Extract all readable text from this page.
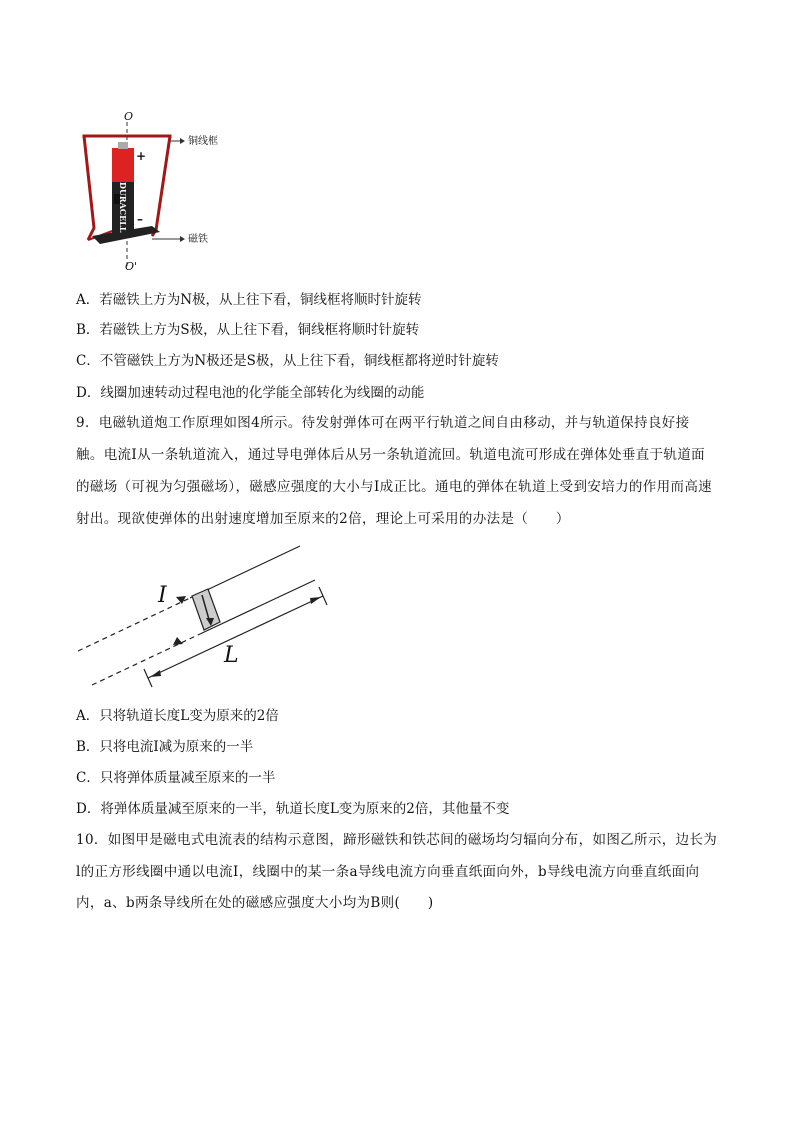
DURACELL
+
–
O
O'
铜线框
磁铁
A．若磁铁上方为N极，从上往下看，铜线框将顺时针旋转
B．若磁铁上方为S极，从上往下看，铜线框将顺时针旋转
C．不管磁铁上方为N极还是S极，从上往下看，铜线框都将逆时针旋转
D．线圈加速转动过程电池的化学能全部转化为线圈的动能
9．电磁轨道炮工作原理如图4所示。待发射弹体可在两平行轨道之间自由移动，并与轨道保持良好接
触。电流I从一条轨道流入，通过导电弹体后从另一条轨道流回。轨道电流可形成在弹体处垂直于轨道面
的磁场（可视为匀强磁场），磁感应强度的大小与I成正比。通电的弹体在轨道上受到安培力的作用而高速
射出。现欲使弹体的出射速度增加至原来的2倍，理论上可采用的办法是（　　）
I
L
A．只将轨道长度L变为原来的2倍
B．只将电流I减为原来的一半
C．只将弹体质量减至原来的一半
D．将弹体质量减至原来的一半，轨道长度L变为原来的2倍，其他量不变
10．如图甲是磁电式电流表的结构示意图，蹄形磁铁和铁芯间的磁场均匀辐向分布，如图乙所示，边长为
l的正方形线圈中通以电流I，线圈中的某一条a导线电流方向垂直纸面向外，b导线电流方向垂直纸面向
内，a、b两条导线所在处的磁感应强度大小均为B则(　　)
